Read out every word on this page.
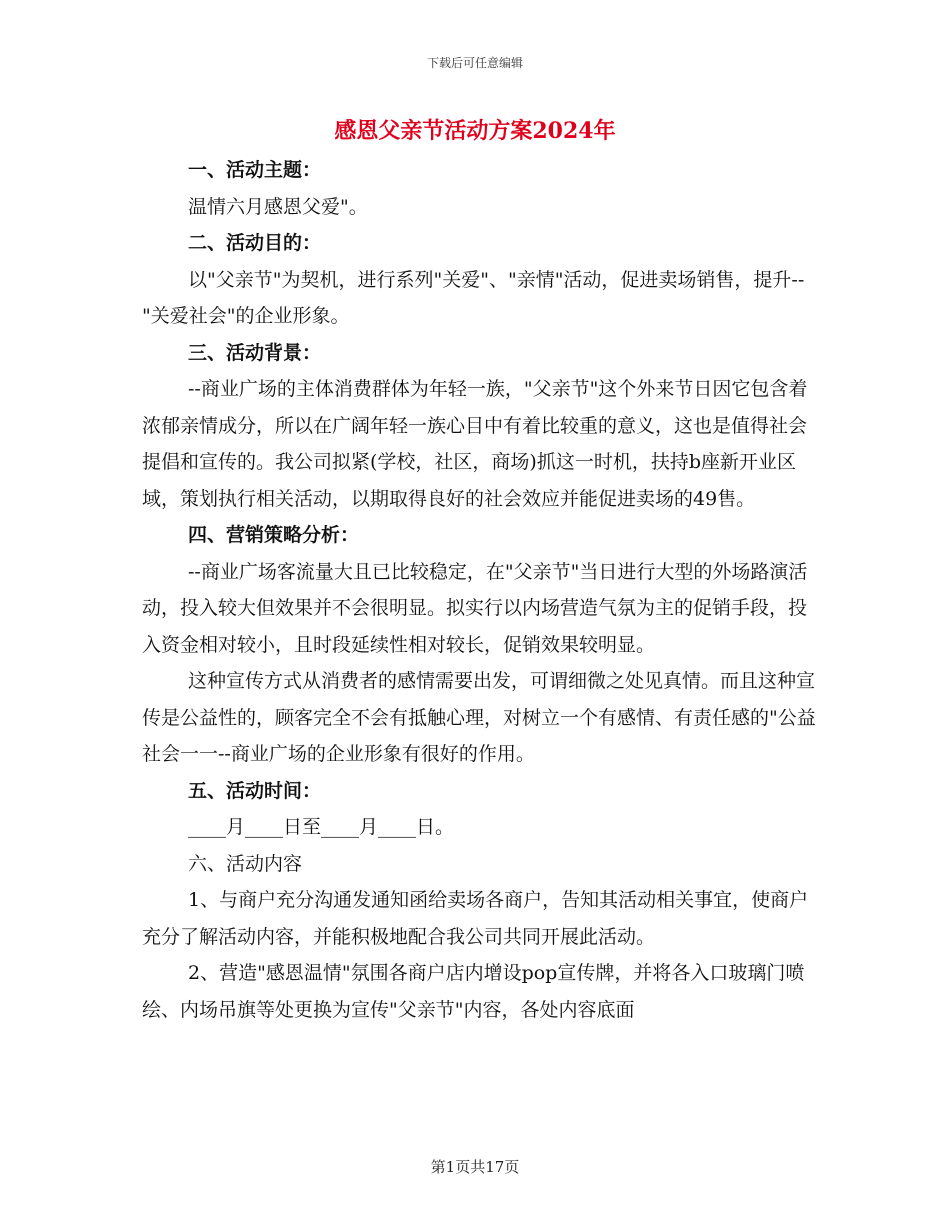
下载后可任意编辑
感恩父亲节活动方案2024年

一、活动主题：

温情六月感恩父爱"。

二、活动目的：

以"父亲节"为契机，进行系列"关爱"、"亲情"活动，促进卖场销售，提升--"关爱社会"的企业形象。

三、活动背景：

--商业广场的主体消费群体为年轻一族，"父亲节"这个外来节日因它包含着浓郁亲情成分，所以在广阔年轻一族心目中有着比较重的意义，这也是值得社会提倡和宣传的。我公司拟紧(学校，社区，商场)抓这一时机，扶持b座新开业区域，策划执行相关活动，以期取得良好的社会效应并能促进卖场的49售。

四、营销策略分析：

--商业广场客流量大且已比较稳定，在"父亲节"当日进行大型的外场路演活动，投入较大但效果并不会很明显。拟实行以内场营造气氛为主的促销手段，投入资金相对较小，且时段延续性相对较长，促销效果较明显。

这种宣传方式从消费者的感情需要出发，可谓细微之处见真情。而且这种宣传是公益性的，顾客完全不会有抵触心理，对树立一个有感情、有责任感的"公益社会一一--商业广场的企业形象有很好的作用。

五、活动时间：

____月____日至____月____日。

六、活动内容

1、与商户充分沟通发通知函给卖场各商户，告知其活动相关事宜，使商户充分了解活动内容，并能积极地配合我公司共同开展此活动。

2、营造"感恩温情"氛围各商户店内增设pop宣传牌，并将各入口玻璃门喷绘、内场吊旗等处更换为宣传"父亲节"内容，各处内容底面

第1页共17页
